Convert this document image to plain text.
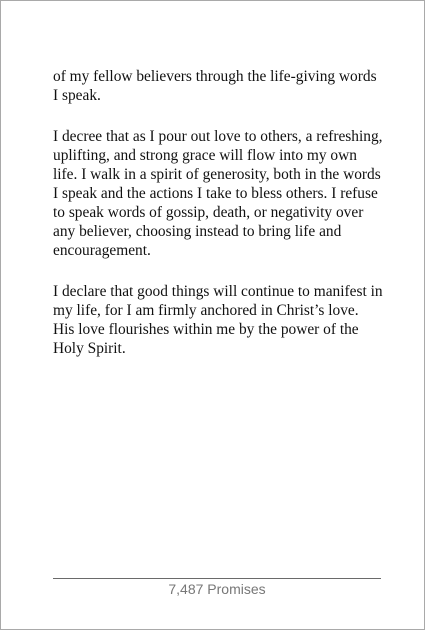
of my fellow believers through the life-giving words
I speak.

I decree that as I pour out love to others, a refreshing,
uplifting, and strong grace will flow into my own
life. I walk in a spirit of generosity, both in the words
I speak and the actions I take to bless others. I refuse
to speak words of gossip, death, or negativity over
any believer, choosing instead to bring life and
encouragement.

I declare that good things will continue to manifest in
my life, for I am firmly anchored in Christ’s love.
His love flourishes within me by the power of the
Holy Spirit.

7,487 Promises
